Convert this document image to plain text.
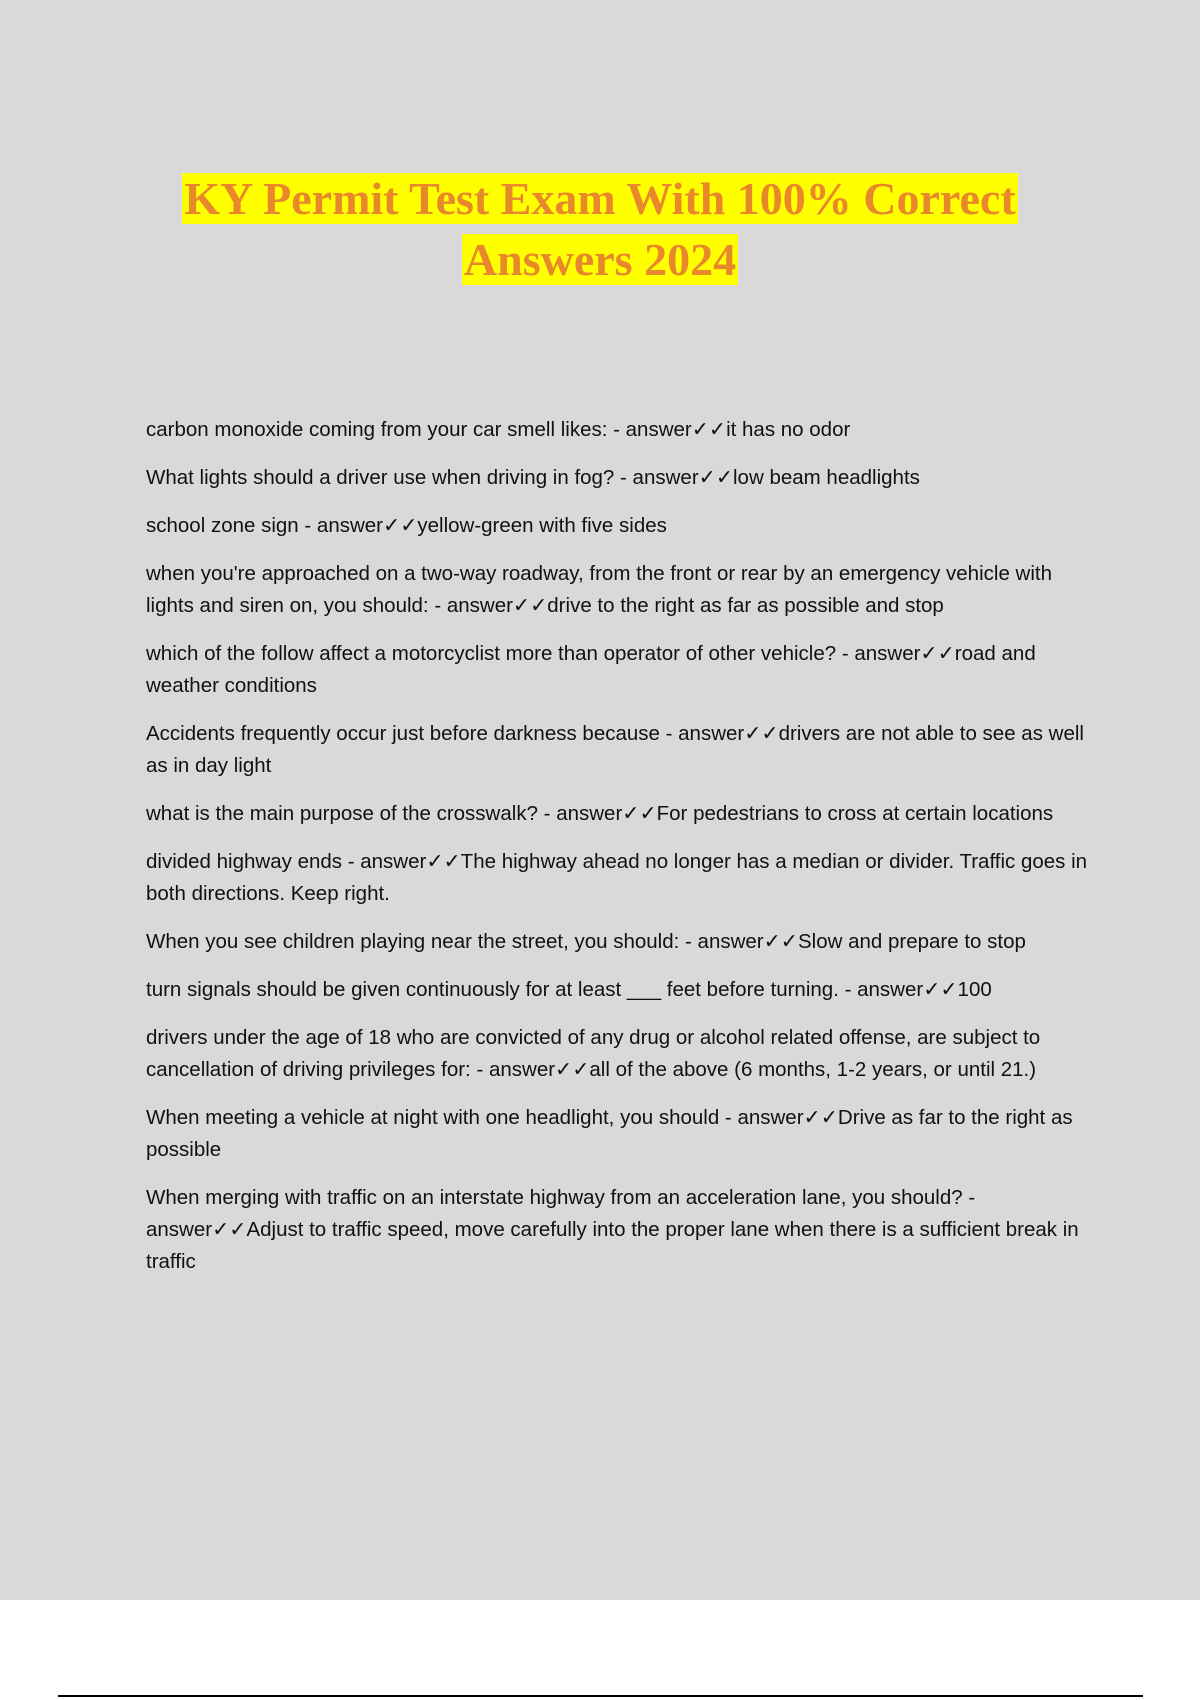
KY Permit Test Exam With 100% Correct
Answers 2024

carbon monoxide coming from your car smell likes: - answer✓✓it has no odor

What lights should a driver use when driving in fog? - answer✓✓low beam headlights

school zone sign - answer✓✓yellow-green with five sides

when you're approached on a two-way roadway, from the front or rear by an emergency vehicle with lights and siren on, you should: - answer✓✓drive to the right as far as possible and stop

which of the follow affect a motorcyclist more than operator of other vehicle? - answer✓✓road and weather conditions

Accidents frequently occur just before darkness because - answer✓✓drivers are not able to see as well as in day light

what is the main purpose of the crosswalk? - answer✓✓For pedestrians to cross at certain locations

divided highway ends - answer✓✓The highway ahead no longer has a median or divider. Traffic goes in both directions. Keep right.

When you see children playing near the street, you should: - answer✓✓Slow and prepare to stop

turn signals should be given continuously for at least ___ feet before turning. - answer✓✓100

drivers under the age of 18 who are convicted of any drug or alcohol related offense, are subject to cancellation of driving privileges for: - answer✓✓all of the above (6 months, 1-2 years, or until 21.)

When meeting a vehicle at night with one headlight, you should - answer✓✓Drive as far to the right as possible

When merging with traffic on an interstate highway from an acceleration lane, you should? - answer✓✓Adjust to traffic speed, move carefully into the proper lane when there is a sufficient break in traffic
